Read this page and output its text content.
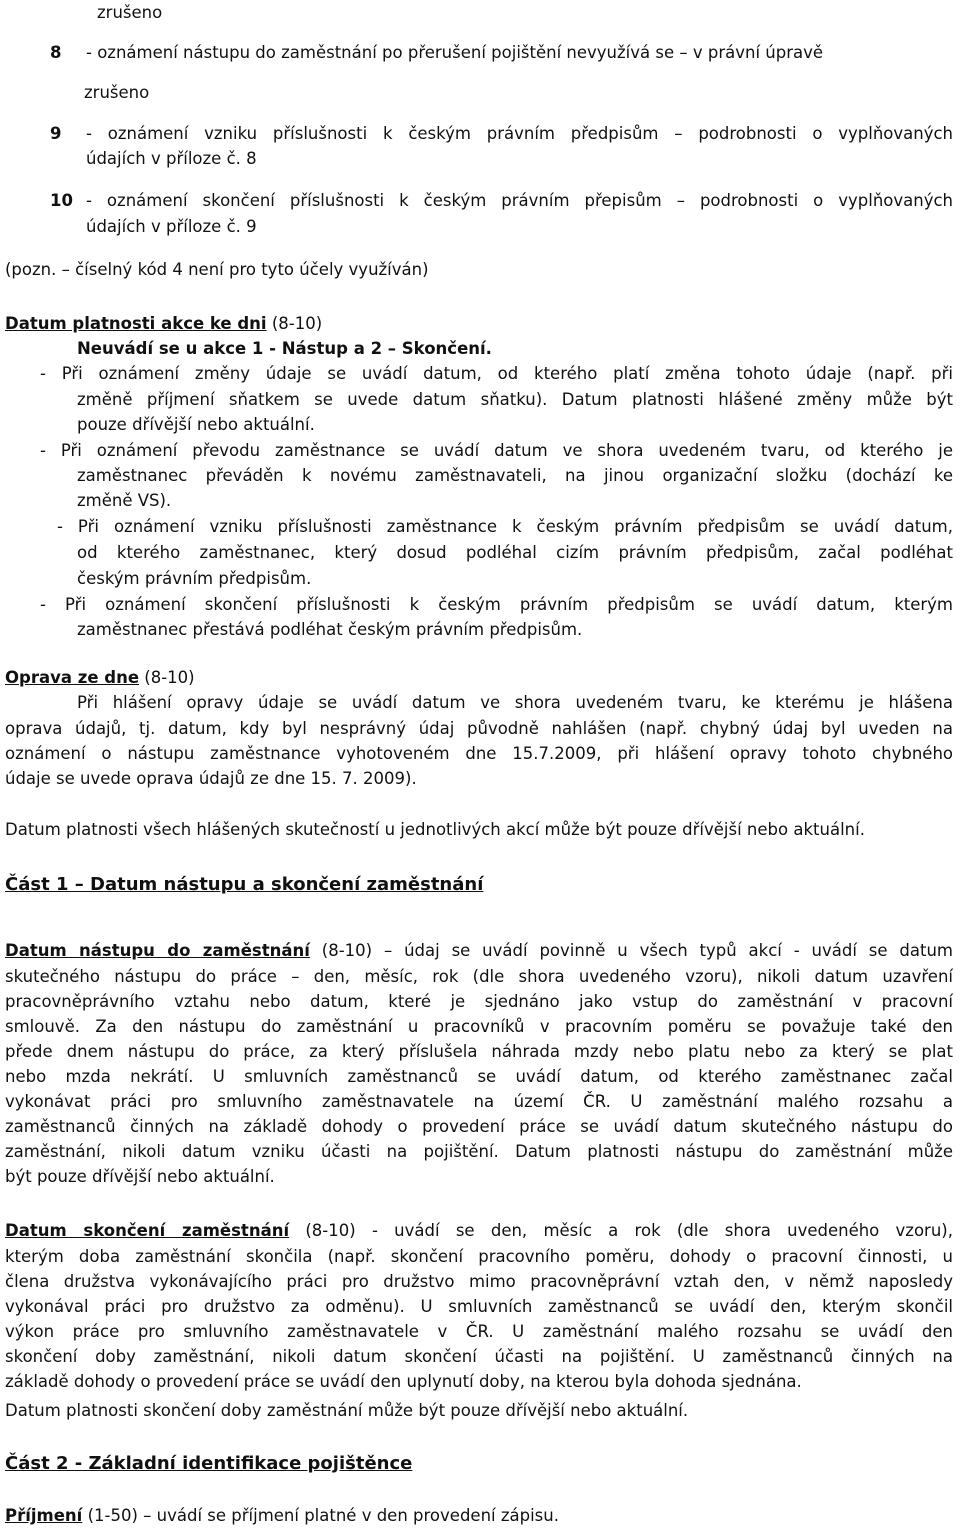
zrušeno
8 - oznámení nástupu do zaměstnání po přerušení pojištění nevyužívá se – v právní úpravě
zrušeno
9 - oznámení vzniku příslušnosti k českým právním předpisům – podrobnosti o vyplňovaných
údajích v příloze č. 8
10 - oznámení skončení příslušnosti k českým právním přepisům – podrobnosti o vyplňovaných
údajích v příloze č. 9
(pozn. – číselný kód 4 není pro tyto účely využíván)
Datum platnosti akce ke dni (8-10)
Neuvádí se u akce 1 - Nástup a 2 – Skončení.
- Při oznámení změny údaje se uvádí datum, od kterého platí změna tohoto údaje (např. při
změně příjmení sňatkem se uvede datum sňatku). Datum platnosti hlášené změny může být
pouze dřívější nebo aktuální.
- Při oznámení převodu zaměstnance se uvádí datum ve shora uvedeném tvaru, od kterého je
zaměstnanec převáděn k novému zaměstnavateli, na jinou organizační složku (dochází ke
změně VS).
- Při oznámení vzniku příslušnosti zaměstnance k českým právním předpisům se uvádí datum,
od kterého zaměstnanec, který dosud podléhal cizím právním předpisům, začal podléhat
českým právním předpisům.
- Při oznámení skončení příslušnosti k českým právním předpisům se uvádí datum, kterým
zaměstnanec přestává podléhat českým právním předpisům.
Oprava ze dne (8-10)
Při hlášení opravy údaje se uvádí datum ve shora uvedeném tvaru, ke kterému je hlášena
oprava údajů, tj. datum, kdy byl nesprávný údaj původně nahlášen (např. chybný údaj byl uveden na
oznámení o nástupu zaměstnance vyhotoveném dne 15.7.2009, při hlášení opravy tohoto chybného
údaje se uvede oprava údajů ze dne 15. 7. 2009).
Datum platnosti všech hlášených skutečností u jednotlivých akcí může být pouze dřívější nebo aktuální.
Část 1 – Datum nástupu a skončení zaměstnání
Datum nástupu do zaměstnání (8-10) – údaj se uvádí povinně u všech typů akcí - uvádí se datum
skutečného nástupu do práce – den, měsíc, rok (dle shora uvedeného vzoru), nikoli datum uzavření
pracovněprávního vztahu nebo datum, které je sjednáno jako vstup do zaměstnání v pracovní
smlouvě. Za den nástupu do zaměstnání u pracovníků v pracovním poměru se považuje také den
přede dnem nástupu do práce, za který příslušela náhrada mzdy nebo platu nebo za který se plat
nebo mzda nekrátí. U smluvních zaměstnanců se uvádí datum, od kterého zaměstnanec začal
vykonávat práci pro smluvního zaměstnavatele na území ČR. U zaměstnání malého rozsahu a
zaměstnanců činných na základě dohody o provedení práce se uvádí datum skutečného nástupu do
zaměstnání, nikoli datum vzniku účasti na pojištění. Datum platnosti nástupu do zaměstnání může
být pouze dřívější nebo aktuální.
Datum skončení zaměstnání (8-10) - uvádí se den, měsíc a rok (dle shora uvedeného vzoru),
kterým doba zaměstnání skončila (např. skončení pracovního poměru, dohody o pracovní činnosti, u
člena družstva vykonávajícího práci pro družstvo mimo pracovněprávní vztah den, v němž naposledy
vykonával práci pro družstvo za odměnu). U smluvních zaměstnanců se uvádí den, kterým skončil
výkon práce pro smluvního zaměstnavatele v ČR. U zaměstnání malého rozsahu se uvádí den
skončení doby zaměstnání, nikoli datum skončení účasti na pojištění. U zaměstnanců činných na
základě dohody o provedení práce se uvádí den uplynutí doby, na kterou byla dohoda sjednána.
Datum platnosti skončení doby zaměstnání může být pouze dřívější nebo aktuální.
Část 2 - Základní identifikace pojištěnce
Příjmení (1-50) – uvádí se příjmení platné v den provedení zápisu.
